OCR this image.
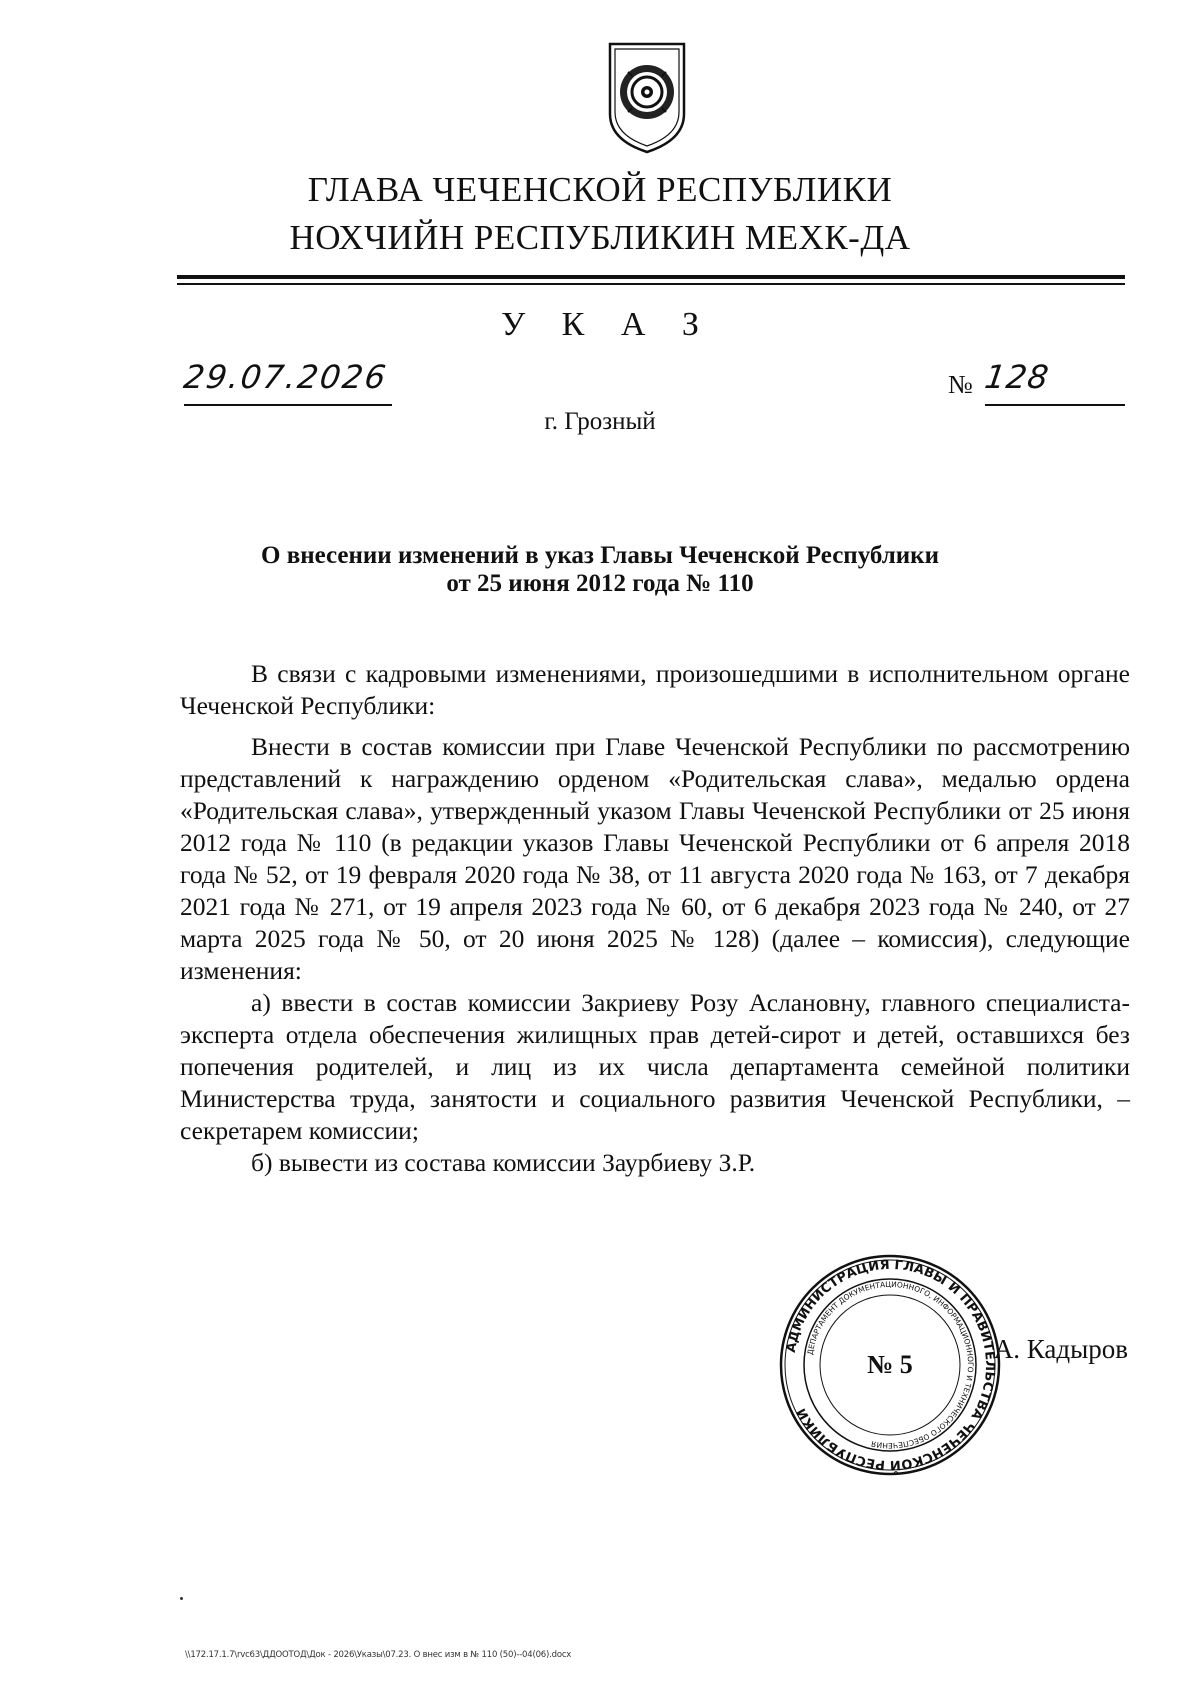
ГЛАВА ЧЕЧЕНСКОЙ РЕСПУБЛИКИ
НОХЧИЙН РЕСПУБЛИКИН МЕХК-ДА
У К А З
29.07.2026	№ 128
г. Грозный
О внесении изменений в указ Главы Чеченской Республики
от 25 июня 2012 года № 110

В связи с кадровыми изменениями, произошедшими в исполнительном органе Чеченской Республики:

Внести в состав комиссии при Главе Чеченской Республики по рассмотрению представлений к награждению орденом «Родительская слава», медалью ордена «Родительская слава», утвержденный указом Главы Чеченской Республики от 25 июня 2012 года № 110 (в редакции указов Главы Чеченской Республики от 6 апреля 2018 года № 52, от 19 февраля 2020 года № 38, от 11 августа 2020 года № 163, от 7 декабря 2021 года № 271, от 19 апреля 2023 года № 60, от 6 декабря 2023 года № 240, от 27 марта 2025 года № 50, от 20 июня 2025 № 128) (далее – комиссия), следующие изменения:

а) ввести в состав комиссии Закриеву Розу Аслановну, главного специалиста-эксперта отдела обеспечения жилищных прав детей-сирот и детей, оставшихся без попечения родителей, и лиц из их числа департамента семейной политики Министерства труда, занятости и социального развития Чеченской Республики, – секретарем комиссии;

б) вывести из состава комиссии Заурбиеву З.Р.

АДМИНИСТРАЦИЯ ГЛАВЫ И ПРАВИТЕЛЬСТВА ЧЕЧЕНСКОЙ РЕСПУБЛИКИ
ДЕПАРТАМЕНТ ДОКУМЕНТАЦИОННОГО, ИНФОРМАЦИОННОГО И ТЕХНИЧЕСКОГО ОБЕСПЕЧЕНИЯ
№ 5
А. Кадыров
\\172.17.1.7\rvc63\ДДООТОД\Док - 2026\Указы\07.23. О внес изм в № 110 (50)--04(06).docx
